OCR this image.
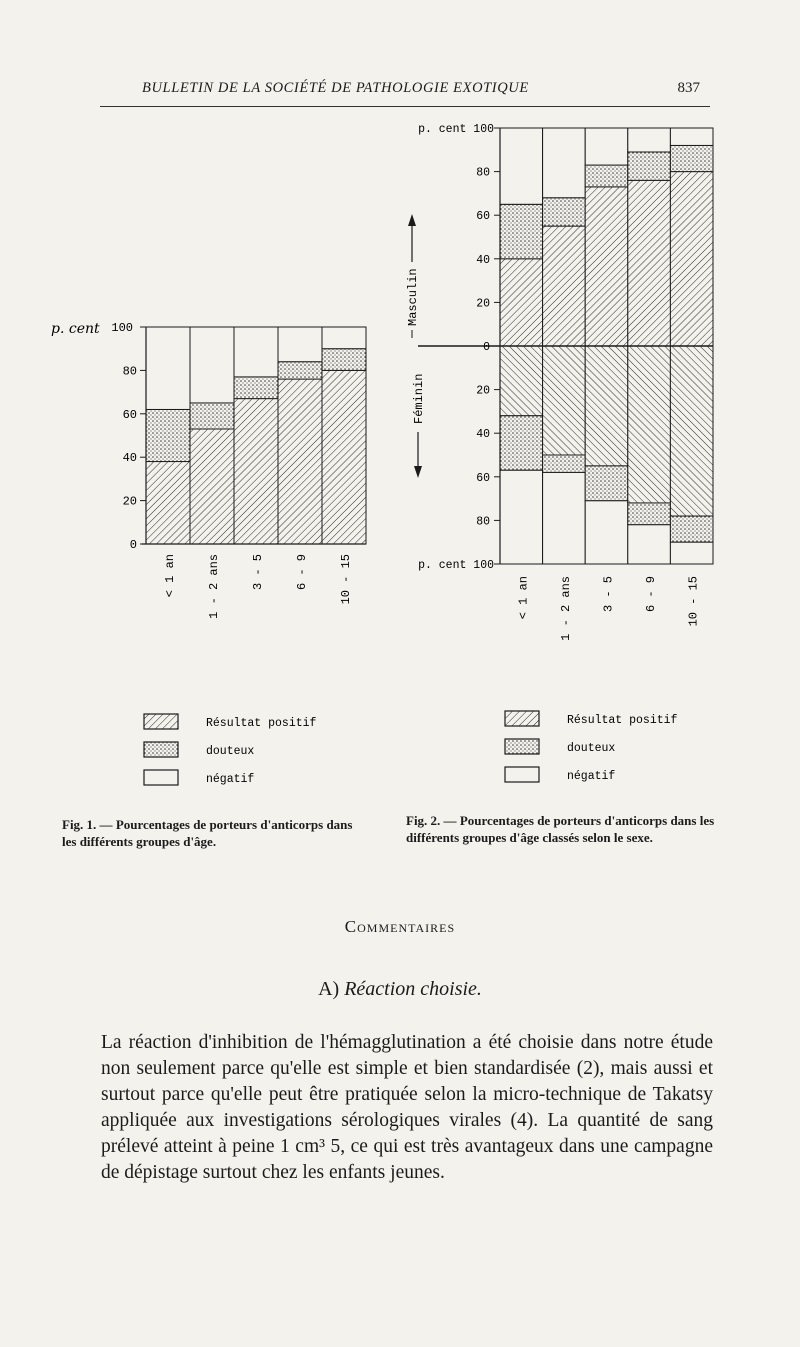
BULLETIN DE LA SOCIÉTÉ DE PATHOLOGIE EXOTIQUE	837
< 1 an	1 - 2 ans	3 - 5	6 - 9	10 - 15
80
60
40
20
0
100
p. cent
< 1 an 1 - 2 ans 3 - 5 6 - 9 10 - 15
80
60
40
20
0
20
40
60
80
p. cent 100
p. cent 100
Masculin
Féminin
Résultat positif
douteux
négatif
Résultat positif
douteux
négatif
Fig. 1. — Pourcentages de porteurs d'anticorps dans les différents groupes d'âge.
Fig. 2. — Pourcentages de porteurs d'anticorps dans les différents groupes d'âge classés selon le sexe.
Commentaires
A) Réaction choisie.
La réaction d'inhibition de l'hémagglutination a été choisie dans notre étude non seulement parce qu'elle est simple et bien standardisée (2), mais aussi et surtout parce qu'elle peut être pratiquée selon la micro-technique de Takatsy appliquée aux investigations sérologiques virales (4). La quantité de sang prélevé atteint à peine 1 cm³ 5, ce qui est très avantageux dans une campagne de dépistage surtout chez les enfants jeunes.
